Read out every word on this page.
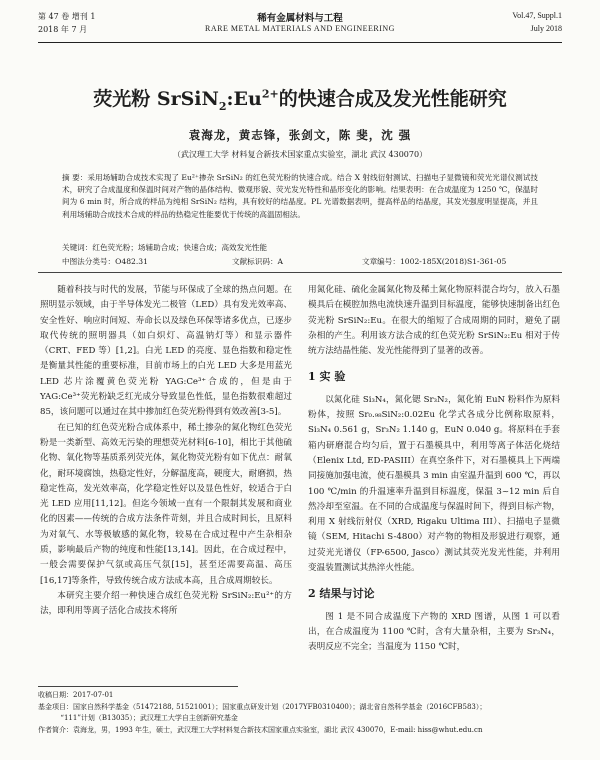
第 47 卷 增刊 1
2018 年 7 月
稀有金属材料与工程
RARE METAL MATERIALS AND ENGINEERING
Vol.47, Suppl.1
July 2018
荧光粉 $SrSiN_2:Eu^{2+}$的快速合成及发光性能研究
袁海龙，黄志锋，张剑文，陈 斐，沈 强
（武汉理工大学 材料复合新技术国家重点实验室，湖北 武汉 430070）
摘 要：采用场辅助合成技术实现了 Eu²⁺掺杂 SrSiN₂ 的红色荧光粉的快速合成。结合 X 射线衍射测试、扫描电子显微镜和荧光光谱仪测试技术，研究了合成温度和保温时间对产物的晶体结构、微观形貌、荧光发光特性和晶形变化的影响。结果表明：在合成温度为 1250 ℃，保温时间为 6 min 时，所合成的样品为纯相 SrSiN₂ 结构，具有较好的结晶度。PL 光谱数据表明，提高样品的结晶度，其发光强度明显提高，并且利用场辅助合成技术合成的样品的热稳定性能要优于传统的高温固相法。
关键词：红色荧光粉；场辅助合成；快速合成；高效发光性能
中图法分类号：O482.31	文献标识码：A	文章编号：1002-185X(2018)S1-361-05

随着科技与时代的发展，节能与环保成了全球的热点问题。在照明显示领域，由于半导体发光二极管（LED）具有发光效率高、安全性好、响应时间短、寿命长以及绿色环保等诸多优点，已逐步取代传统的照明器具（如白炽灯、高温钠灯等）和显示器件（CRT、FED 等）[1,2]。白光 LED 的亮度、显色指数和稳定性是衡量其性能的重要标准，目前市场上的白光 LED 大多是用蓝光 LED 芯片涂覆黄色荧光粉 YAG:Ce³⁺合成的，但是由于 YAG:Ce³⁺荧光粉缺乏红光成分导致显色性低，显色指数很难超过 85，该问题可以通过在其中掺加红色荧光粉得到有效改善[3-5]。

在已知的红色荧光粉合成体系中，稀土掺杂的氮化物红色荧光粉是一类新型、高效无污染的理想荧光材料[6-10]，相比于其他硫化物、氧化物等基质系列荧光体，氮化物荧光粉有如下优点：耐氧化，耐环境腐蚀，热稳定性好，分解温度高，硬度大，耐磨损，热稳定性高，发光效率高，化学稳定性好以及显色性好，较适合于白光 LED 应用[11,12]。但迄今领域一直有一个限制其发展和商业化的因素——传统的合成方法条件苛刻，并且合成时间长，且原料为对氧气、水等极敏感的氮化物，较易在合成过程中产生杂相杂质，影响最后产物的纯度和性能[13,14]。因此，在合成过程中，一般会需要保护气氛或高压气氛[15]，甚至还需要高温、高压[16,17]等条件，导致传统合成方法成本高，且合成周期较长。

本研究主要介绍一种快速合成红色荧光粉 SrSiN₂:Eu²⁺的方法，即利用等离子活化合成技术将所

用氮化硅、硫化金属氮化物及稀土氮化物原料混合均匀，放入石墨模具后在模腔加热电流快速升温到目标温度，能够快速制备出红色荧光粉 SrSiN₂:Eu。在很大的缩短了合成周期的同时，避免了副杂相的产生。利用该方法合成的红色荧光粉 SrSiN₂:Eu 相对于传统方法结晶性能、发光性能得到了显著的改善。

1 实 验

以氮化硅 Si₃N₄，氮化锶 Sr₃N₂，氮化铕 EuN 粉料作为原料粉体，按照 Sr₀.₉₈SiN₂:0.02Eu 化学式各成分比例称取原料，Si₃N₄ 0.561 g，Sr₃N₂ 1.140 g，EuN 0.040 g。将原料在手套箱内研磨混合均匀后，置于石墨模具中，利用等离子体活化烧结（Elenix Ltd, ED-PASIII）在真空条件下，对石墨模具上下两端同接施加强电流，使石墨模具 3 min 由室温升温到 600 ℃，再以 100 ℃/min 的升温速率升温到目标温度，保温 3~12 min 后自然冷却至室温。在不同的合成温度与保温时间下，得到目标产物，利用 X 射线衍射仪（XRD, Rigaku Ultima III）、扫描电子显微镜（SEM, Hitachi S-4800）对产物的物相及形貌进行观察，通过荧光光谱仪（FP-6500, Jasco）测试其荧光发光性能，并利用变温装置测试其热淬火性能。

2 结果与讨论

图 1 是不同合成温度下产物的 XRD 图谱，从图 1 可以看出，在合成温度为 1100 ℃时，含有大量杂相，主要为 Sr₃N₄，表明反应不完全；当温度为 1150 ℃时，

收稿日期：2017-07-01
基金项目：国家自然科学基金（51472188, 51521001）；国家重点研发计划（2017YFB0310400）；湖北省自然科学基金（2016CFB583）；
“111”计划（B13035）；武汉理工大学自主创新研究基金
作者简介：袁海龙，男，1993 年生，硕士，武汉理工大学材料复合新技术国家重点实验室，湖北 武汉 430070，E-mail: hiss@whut.edu.cn
